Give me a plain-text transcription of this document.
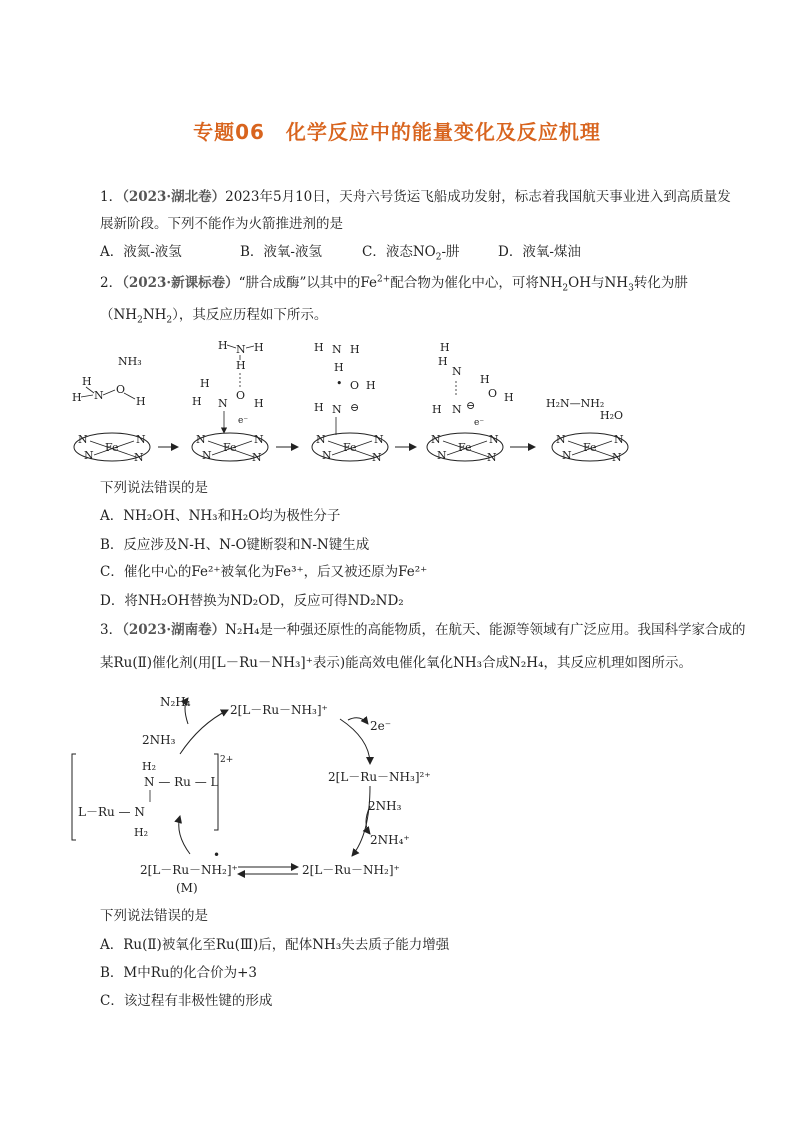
专题06　化学反应中的能量变化及反应机理
1．（2023·湖北卷）2023年5月10日，天舟六号货运飞船成功发射，标志着我国航天事业进入到高质量发
展新阶段。下列不能作为火箭推进剂的是
A．液氮-液氢	B．液氧-液氢	C．液态$NO_2-$肼	D．液氧-煤油
2．（2023·新课标卷）“肼合成酶”以其中的$Fe^{2+}$配合物为催化中心，可将$NH_2OH$与$NH_3$转化为肼
$(NH_2NH_2)$，其反应历程如下所示。
Fe
N	N
N	N
Fe
N	N
N	N
Fe
N	N
N	N
Fe
N	N
N	N
Fe
N	N
N	N
NH₃
H
H N O
H
H N H
H
H
H N
O
H
e⁻
H N H
H
• O H
H N ⊖
H
H
N
H
O H
H N ⊖
e⁻
H₂N—NH₂
H₂O
下列说法错误的是
A．NH₂OH、NH₃和H₂O均为极性分子
B．反应涉及N-H、N-O键断裂和N-N键生成
C．催化中心的Fe²⁺被氧化为Fe³⁺，后又被还原为Fe²⁺
D．将NH₂OH替换为ND₂OD，反应可得ND₂ND₂
3．（2023·湖南卷）N₂H₄是一种强还原性的高能物质，在航天、能源等领域有广泛应用。我国科学家合成的
某Ru(Ⅱ)催化剂(用[L－Ru－NH₃]⁺表示)能高效电催化氧化NH₃合成N₂H₄，其反应机理如图所示。
N₂H₄
2NH₃
2[L－Ru－NH₃]⁺
2e⁻
2[L－Ru－NH₃]²⁺
2NH₃
2NH₄⁺
2[L－Ru－NH₂]⁺
2[L－Ru－NH₂]⁺
•
(M)
2+
H₂
N — Ru — L
L－Ru — N
H₂
下列说法错误的是
A．Ru(Ⅱ)被氧化至Ru(Ⅲ)后，配体NH₃失去质子能力增强
B．M中Ru的化合价为+3
C．该过程有非极性键的形成
